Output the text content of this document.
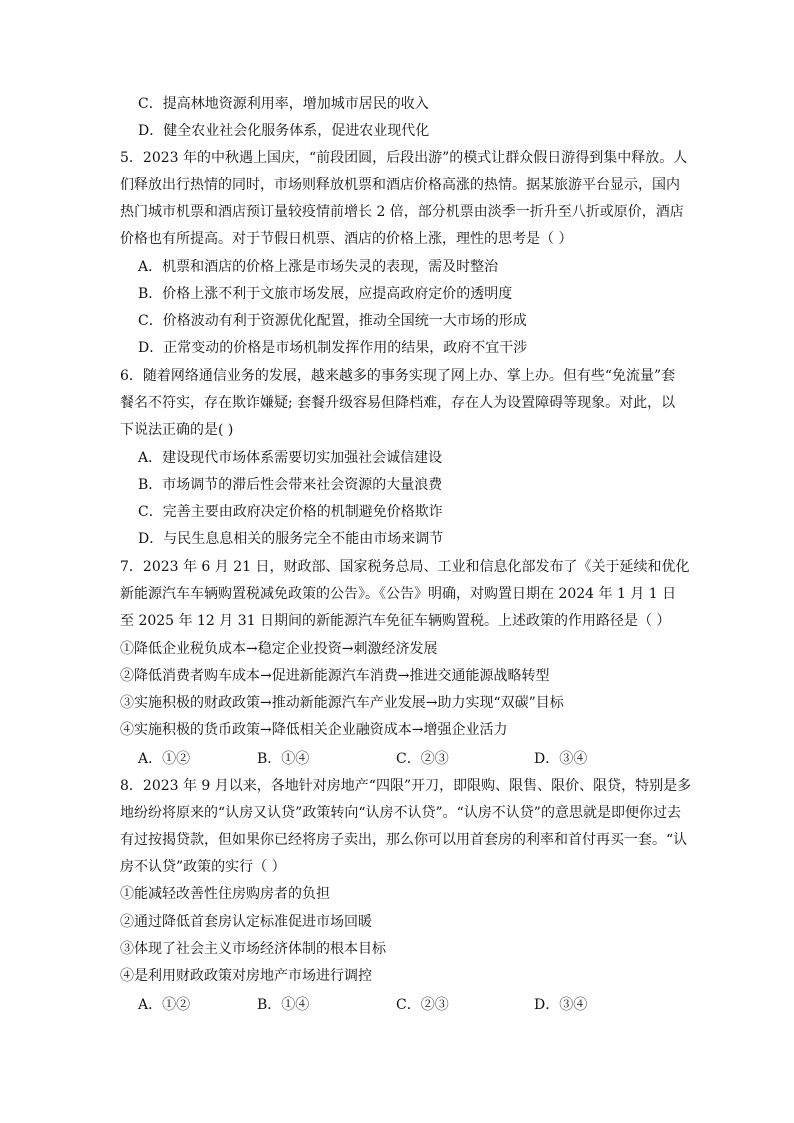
C．提高林地资源利用率，增加城市居民的收入
D．健全农业社会化服务体系，促进农业现代化
5．2023 年的中秋遇上国庆，“前段团圆，后段出游”的模式让群众假日游得到集中释放。人
们释放出行热情的同时，市场则释放机票和酒店价格高涨的热情。据某旅游平台显示，国内
热门城市机票和酒店预订量较疫情前增长 2 倍，部分机票由淡季一折升至八折或原价，酒店
价格也有所提高。对于节假日机票、酒店的价格上涨，理性的思考是（ ）
A．机票和酒店的价格上涨是市场失灵的表现，需及时整治
B．价格上涨不利于文旅市场发展，应提高政府定价的透明度
C．价格波动有利于资源优化配置，推动全国统一大市场的形成
D．正常变动的价格是市场机制发挥作用的结果，政府不宜干涉
6．随着网络通信业务的发展，越来越多的事务实现了网上办、掌上办。但有些“免流量”套
餐名不符实，存在欺诈嫌疑; 套餐升级容易但降档难，存在人为设置障碍等现象。对此，以
下说法正确的是( )
A．建设现代市场体系需要切实加强社会诚信建设
B．市场调节的滞后性会带来社会资源的大量浪费
C．完善主要由政府决定价格的机制避免价格欺诈
D．与民生息息相关的服务完全不能由市场来调节
7．2023 年 6 月 21 日，财政部、国家税务总局、工业和信息化部发布了《关于延续和优化
新能源汽车车辆购置税减免政策的公告》。《公告》明确，对购置日期在 2024 年 1 月 1 日
至 2025 年 12 月 31 日期间的新能源汽车免征车辆购置税。上述政策的作用路径是（ ）
①降低企业税负成本→稳定企业投资→刺激经济发展
②降低消费者购车成本→促进新能源汽车消费→推进交通能源战略转型
③实施积极的财政政策→推动新能源汽车产业发展→助力实现“双碳”目标
④实施积极的货币政策→降低相关企业融资成本→增强企业活力
A．①②	B．①④	C．②③	D．③④
8．2023 年 9 月以来，各地针对房地产“四限”开刀，即限购、限售、限价、限贷，特别是多
地纷纷将原来的“认房又认贷”政策转向“认房不认贷”。“认房不认贷”的意思就是即便你过去
有过按揭贷款，但如果你已经将房子卖出，那么你可以用首套房的利率和首付再买一套。“认
房不认贷”政策的实行（ ）
①能减轻改善性住房购房者的负担
②通过降低首套房认定标准促进市场回暖
③体现了社会主义市场经济体制的根本目标
④是利用财政政策对房地产市场进行调控
A．①②	B．①④	C．②③	D．③④
